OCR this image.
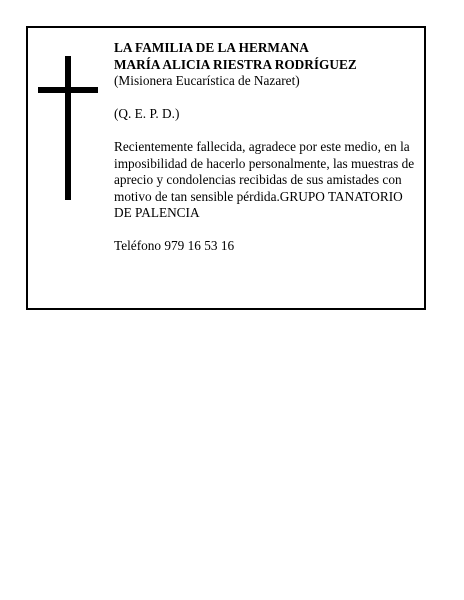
LA FAMILIA DE LA HERMANA

MARÍA ALICIA RIESTRA RODRÍGUEZ

(Misionera Eucarística de Nazaret)

(Q. E. P. D.)

Recientemente fallecida, agradece por este medio, en la imposibilidad de hacerlo personalmente, las muestras de aprecio y condolencias recibidas de sus amistades con motivo de tan sensible pérdida.GRUPO TANATORIO DE PALENCIA

Teléfono 979 16 53 16
